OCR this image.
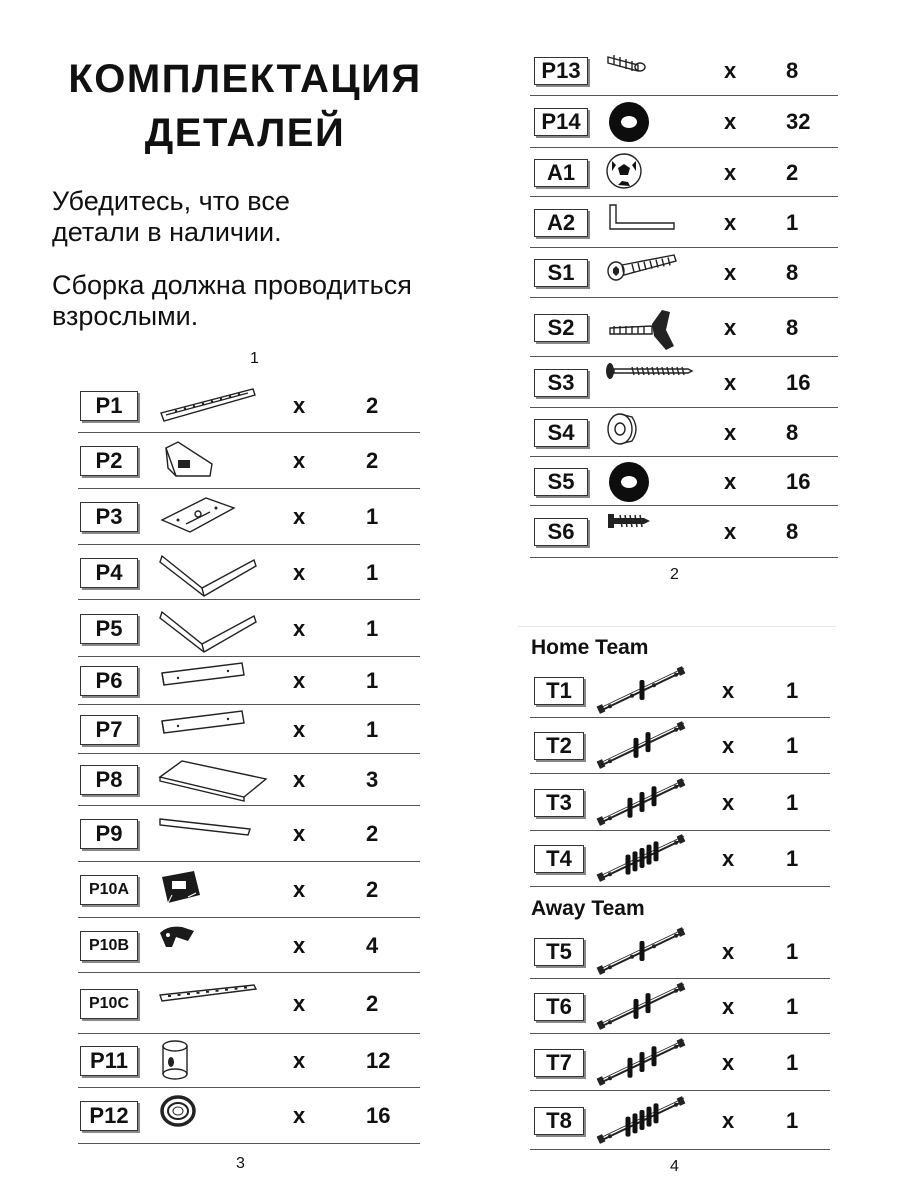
КОМПЛЕКТАЦИЯ
ДЕТАЛЕЙ
Убедитесь, что все детали в наличии.
Сборка должна проводиться взрослыми.
1
2
3	4
P1	x	2
P2	x	2
P3	x	1
P4	x	1
P5	x	1
P6	x	1
P7	x	1
P8	x	3
P9	x	2
P10A	x	2
P10B	x	4
P10C	x	2
P11	x	12
P12	x	16
P13	x 8
P14	x 32
A1	x 2
A2	x 1
S1	x 8
S2	x 8
S3	x 16
S4	x 8
S5	x 16
S6	x 8
Home Team
Away Team
T1	x 1
T2	x 1
T3	x 1
T4	x 1
T5	x 1
T6	x 1
T7	x 1
T8	x 1
